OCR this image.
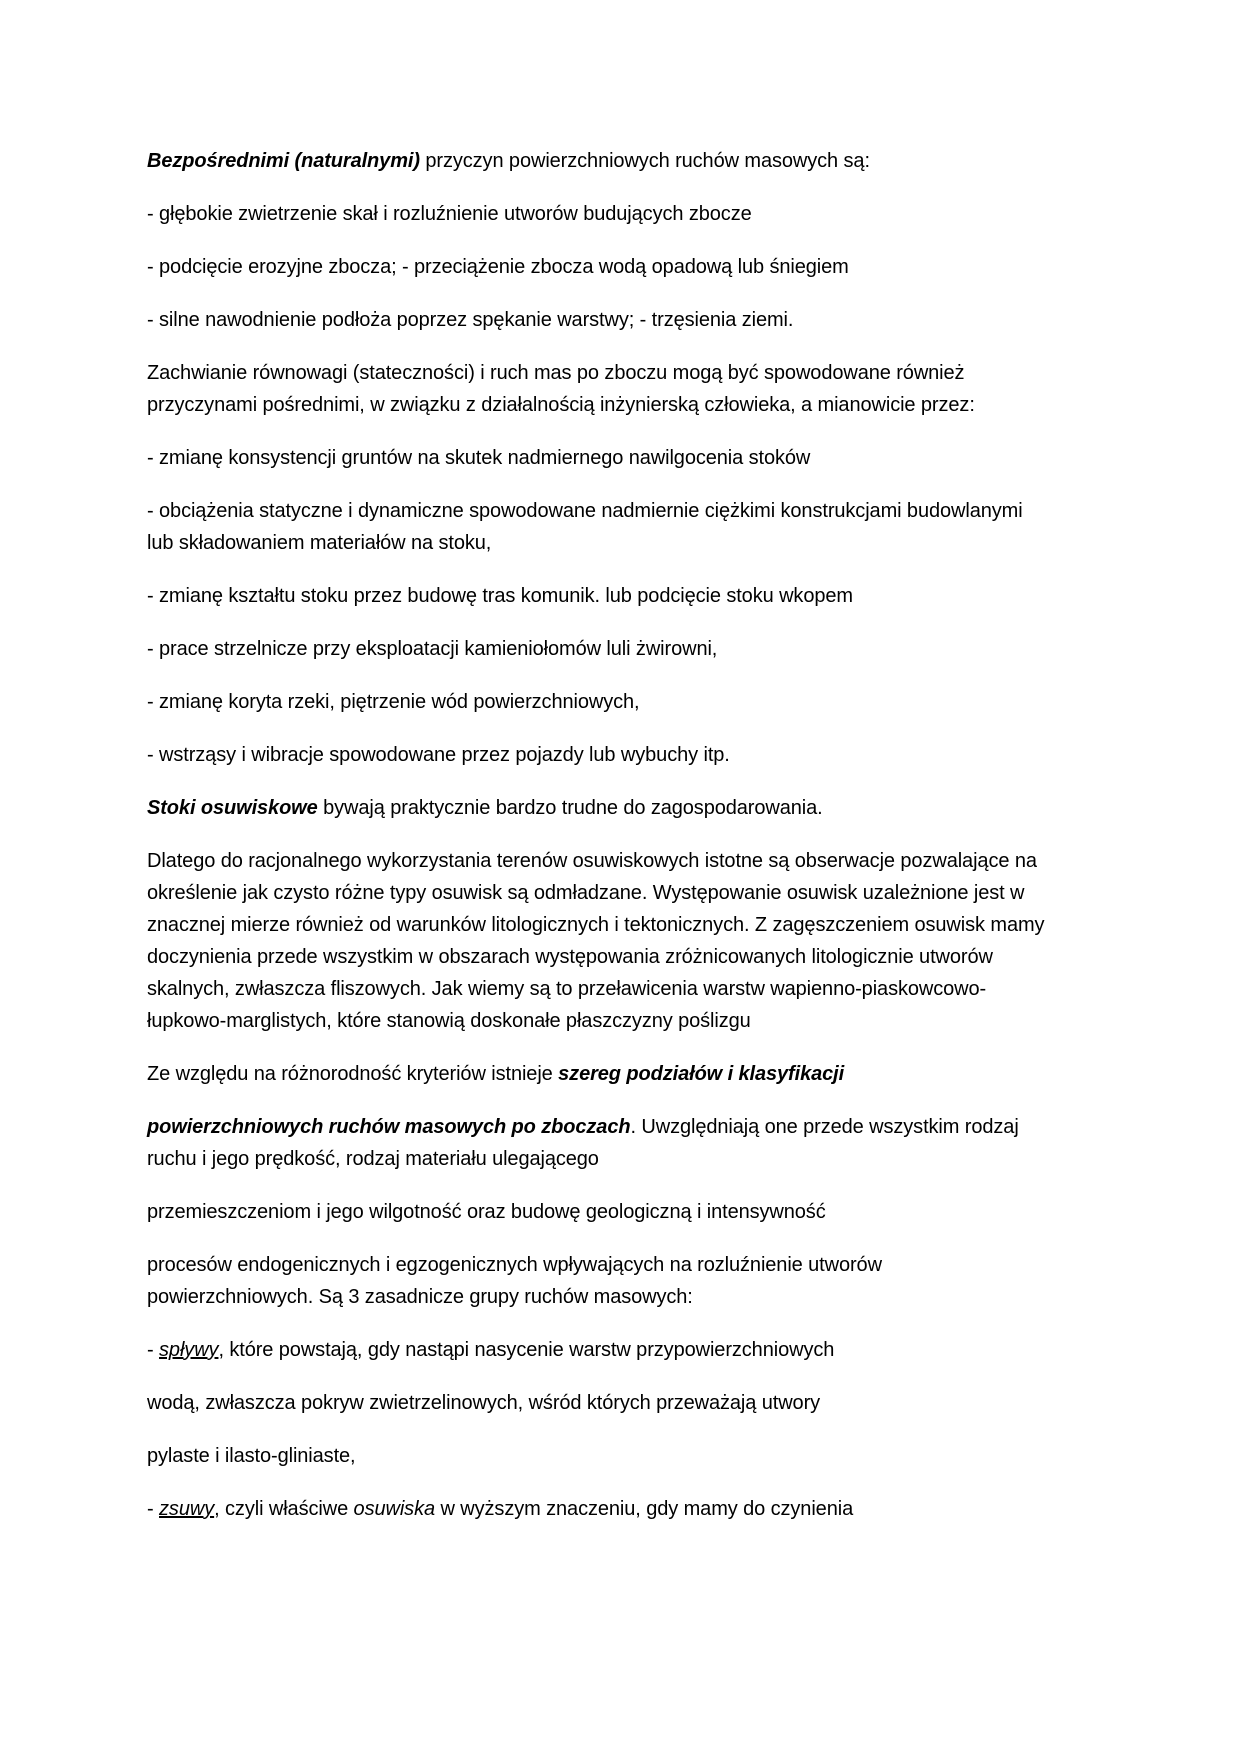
Bezpośrednimi (naturalnymi) przyczyn powierzchniowych ruchów masowych są:

- głębokie zwietrzenie skał i rozluźnienie utworów budujących zbocze

- podcięcie erozyjne zbocza; - przeciążenie zbocza wodą opadową lub śniegiem

- silne nawodnienie podłoża poprzez spękanie warstwy; - trzęsienia ziemi.

Zachwianie równowagi (stateczności) i ruch mas po zboczu mogą być spowodowane również
przyczynami pośrednimi, w związku z działalnością inżynierską człowieka, a mianowicie przez:

- zmianę konsystencji gruntów na skutek nadmiernego nawilgocenia stoków

- obciążenia statyczne i dynamiczne spowodowane nadmiernie ciężkimi konstrukcjami budowlanymi
lub składowaniem materiałów na stoku,

- zmianę kształtu stoku przez budowę tras komunik. lub podcięcie stoku wkopem

- prace strzelnicze przy eksploatacji kamieniołomów luli żwirowni,

- zmianę koryta rzeki, piętrzenie wód powierzchniowych,

- wstrząsy i wibracje spowodowane przez pojazdy lub wybuchy itp.

Stoki osuwiskowe bywają praktycznie bardzo trudne do zagospodarowania.

Dlatego do racjonalnego wykorzystania terenów osuwiskowych istotne są obserwacje pozwalające na
określenie jak czysto różne typy osuwisk są odmładzane. Występowanie osuwisk uzależnione jest w
znacznej mierze również od warunków litologicznych i tektonicznych. Z zagęszczeniem osuwisk mamy
doczynienia przede wszystkim w obszarach występowania zróżnicowanych litologicznie utworów
skalnych, zwłaszcza fliszowych. Jak wiemy są to przeławicenia warstw wapienno-piaskowcowo-
łupkowo-marglistych, które stanowią doskonałe płaszczyzny poślizgu

Ze względu na różnorodność kryteriów istnieje szereg podziałów i klasyfikacji

powierzchniowych ruchów masowych po zboczach. Uwzględniają one przede wszystkim rodzaj
ruchu i jego prędkość, rodzaj materiału ulegającego

przemieszczeniom i jego wilgotność oraz budowę geologiczną i intensywność

procesów endogenicznych i egzogenicznych wpływających na rozluźnienie utworów
powierzchniowych. Są 3 zasadnicze grupy ruchów masowych:

- spływy, które powstają, gdy nastąpi nasycenie warstw przypowierzchniowych

wodą, zwłaszcza pokryw zwietrzelinowych, wśród których przeważają utwory

pylaste i ilasto-gliniaste,

- zsuwy, czyli właściwe osuwiska w wyższym znaczeniu, gdy mamy do czynienia
